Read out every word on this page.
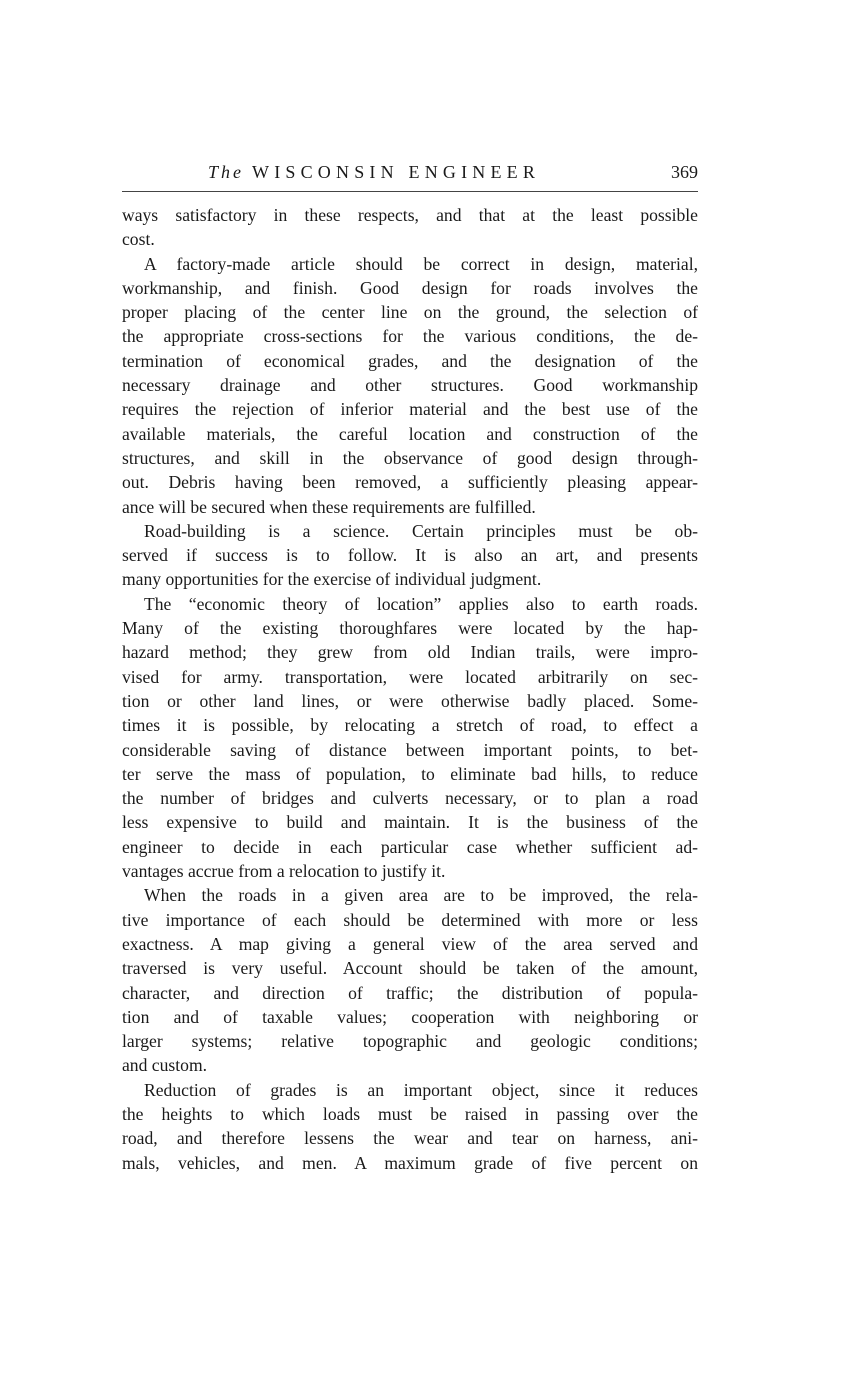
The WISCONSIN ENGINEER	369

ways satisfactory in these respects, and that at the least possible
cost.

A factory-made article should be correct in design, material,
workmanship, and finish. Good design for roads involves the
proper placing of the center line on the ground, the selection of
the appropriate cross-sections for the various conditions, the de-
termination of economical grades, and the designation of the
necessary drainage and other structures. Good workmanship
requires the rejection of inferior material and the best use of the
available materials, the careful location and construction of the
structures, and skill in the observance of good design through-
out. Debris having been removed, a sufficiently pleasing appear-
ance will be secured when these requirements are fulfilled.

Road-building is a science. Certain principles must be ob-
served if success is to follow. It is also an art, and presents
many opportunities for the exercise of individual judgment.

The “economic theory of location” applies also to earth roads.
Many of the existing thoroughfares were located by the hap-
hazard method; they grew from old Indian trails, were impro-
vised for army. transportation, were located arbitrarily on sec-
tion or other land lines, or were otherwise badly placed. Some-
times it is possible, by relocating a stretch of road, to effect a
considerable saving of distance between important points, to bet-
ter serve the mass of population, to eliminate bad hills, to reduce
the number of bridges and culverts necessary, or to plan a road
less expensive to build and maintain. It is the business of the
engineer to decide in each particular case whether sufficient ad-
vantages accrue from a relocation to justify it.

When the roads in a given area are to be improved, the rela-
tive importance of each should be determined with more or less
exactness. A map giving a general view of the area served and
traversed is very useful. Account should be taken of the amount,
character, and direction of traffic; the distribution of popula-
tion and of taxable values; cooperation with neighboring or
larger systems; relative topographic and geologic conditions;
and custom.

Reduction of grades is an important object, since it reduces
the heights to which loads must be raised in passing over the
road, and therefore lessens the wear and tear on harness, ani-
mals, vehicles, and men. A maximum grade of five percent on
